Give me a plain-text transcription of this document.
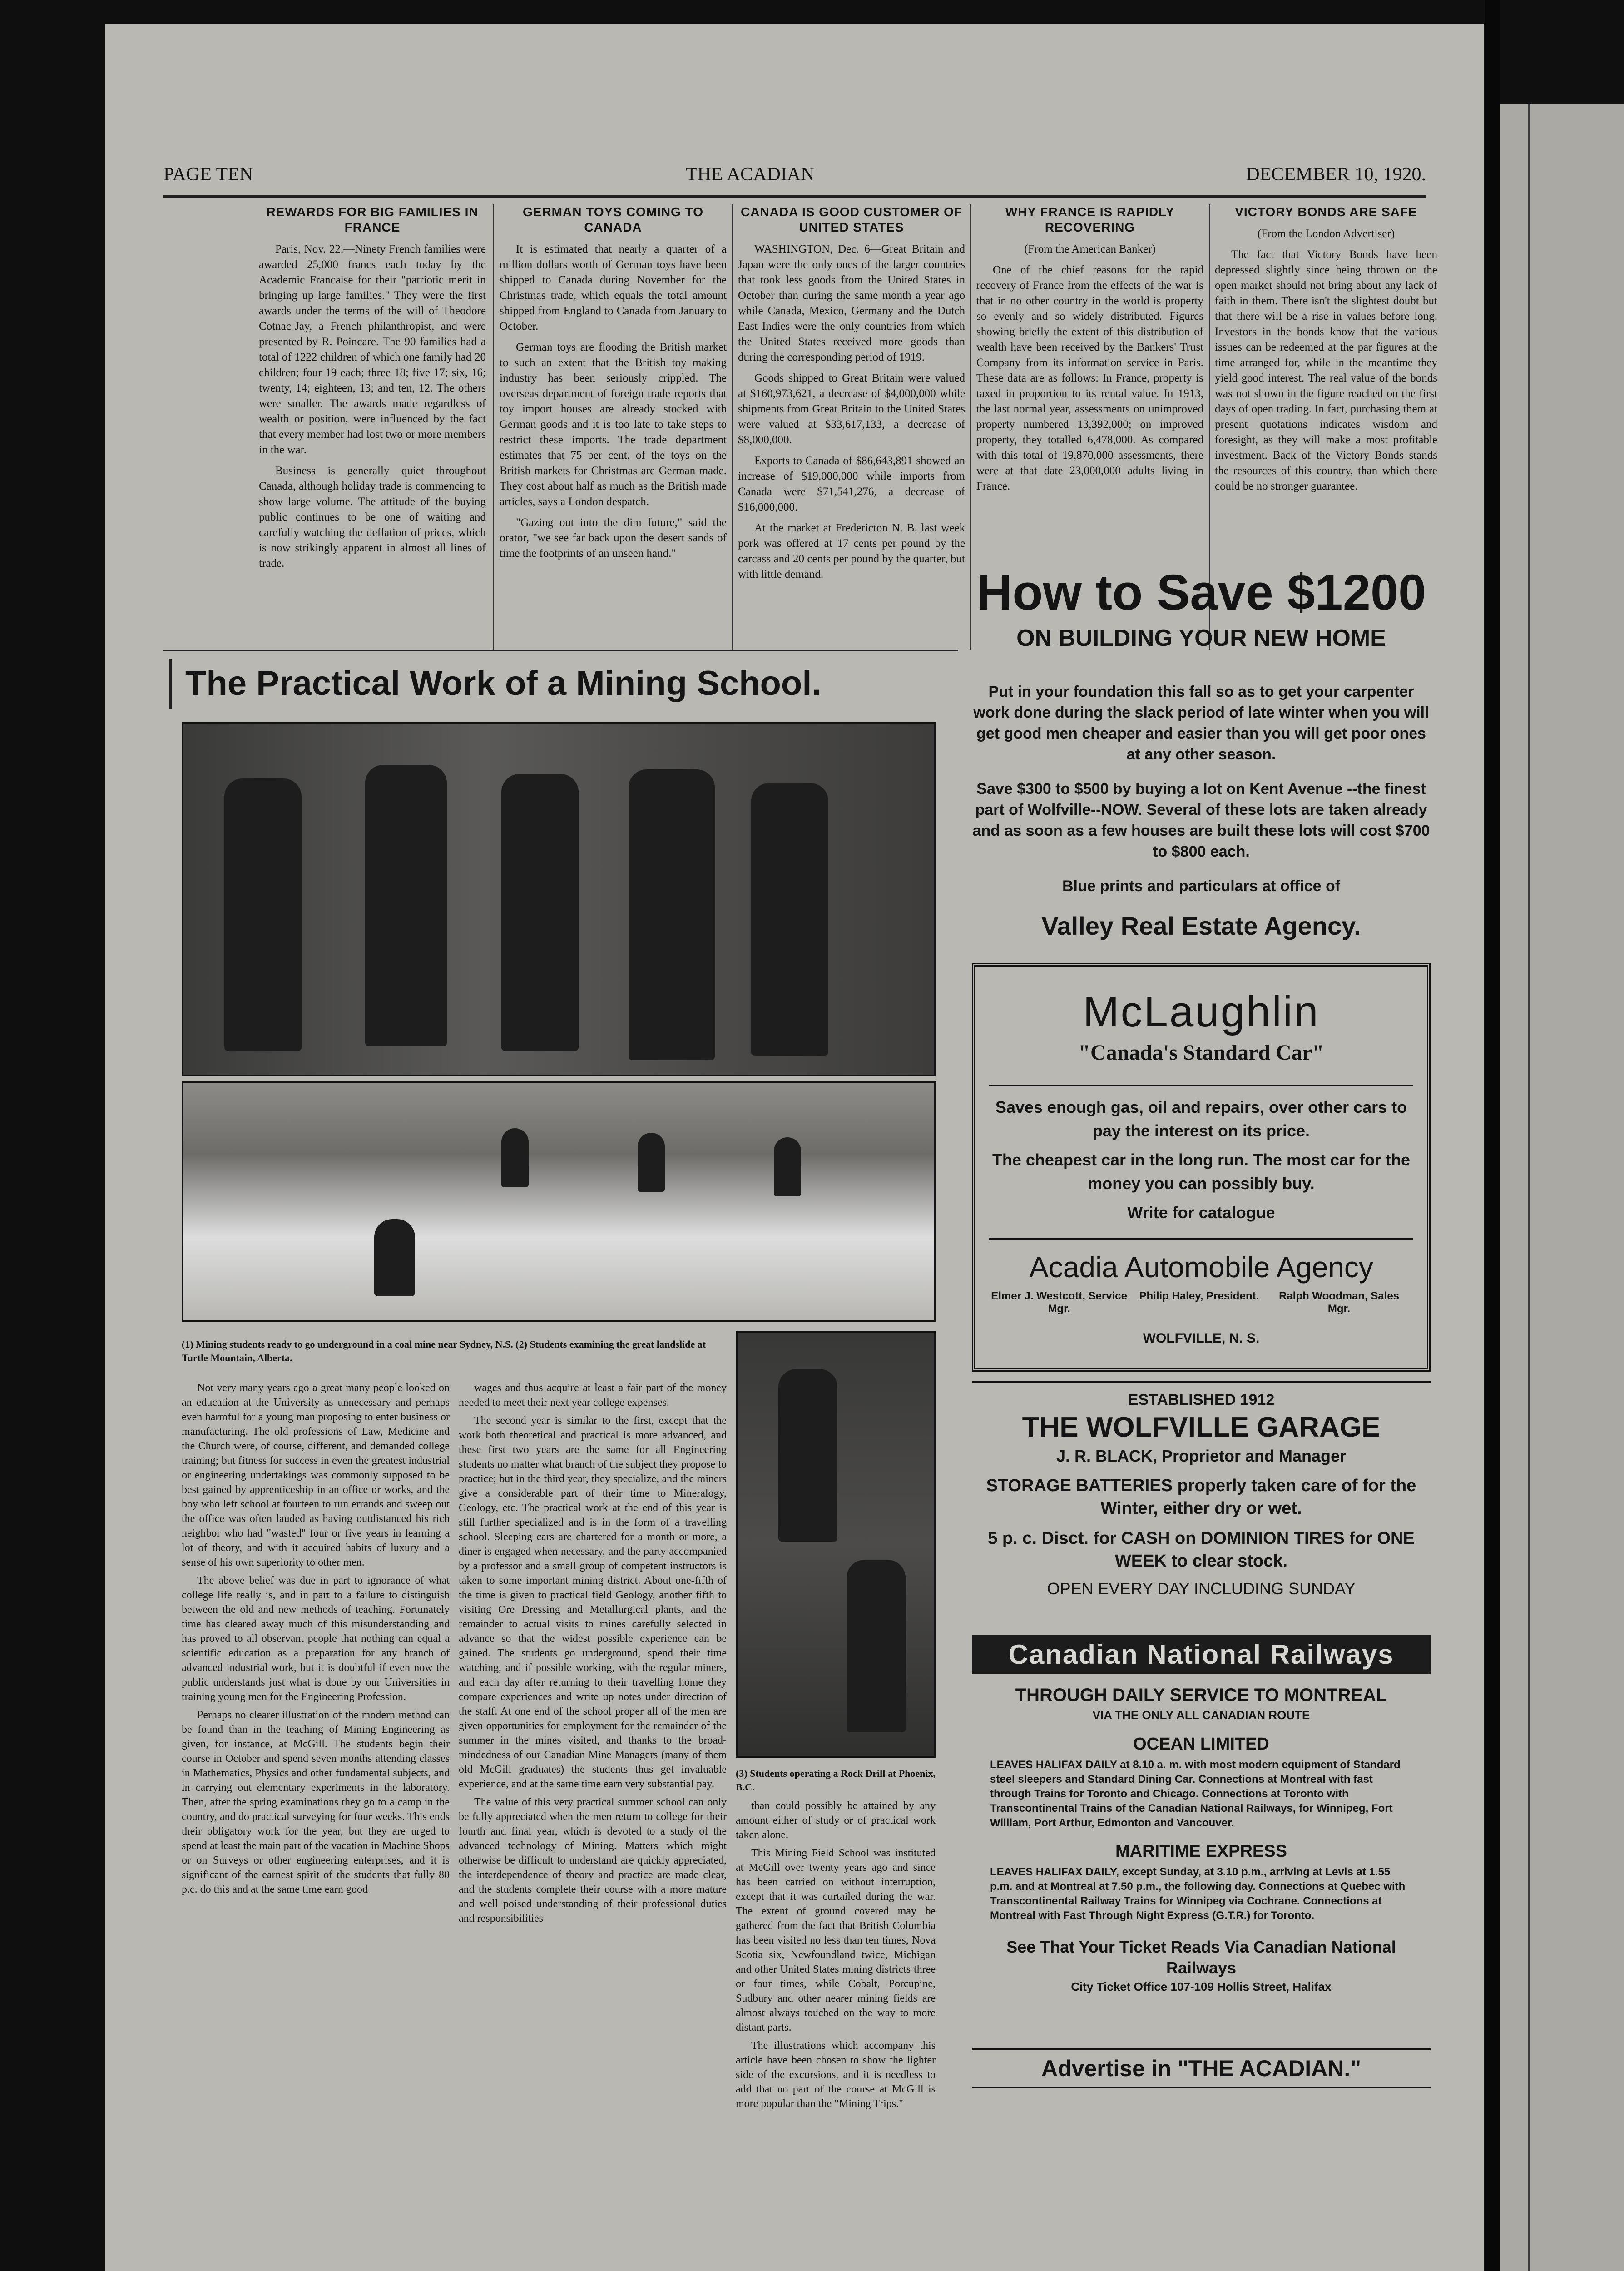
PAGE TEN	THE ACADIAN	DECEMBER 10, 1920.
REWARDS FOR BIG FAMILIES IN FRANCE

Paris, Nov. 22.—Ninety French families were awarded 25,000 francs each today by the Academic Francaise for their "patriotic merit in bringing up large families." They were the first awards under the terms of the will of Theodore Cotnac-Jay, a French philanthropist, and were presented by R. Poincare. The 90 families had a total of 1222 children of which one family had 20 children; four 19 each; three 18; five 17; six, 16; twenty, 14; eighteen, 13; and ten, 12. The others were smaller. The awards made regardless of wealth or position, were influenced by the fact that every member had lost two or more members in the war.

Business is generally quiet throughout Canada, although holiday trade is commencing to show large volume. The attitude of the buying public continues to be one of waiting and carefully watching the deflation of prices, which is now strikingly apparent in almost all lines of trade.

GERMAN TOYS COMING TO CANADA

It is estimated that nearly a quarter of a million dollars worth of German toys have been shipped to Canada during November for the Christmas trade, which equals the total amount shipped from England to Canada from January to October.

German toys are flooding the British market to such an extent that the British toy making industry has been seriously crippled. The overseas department of foreign trade reports that toy import houses are already stocked with German goods and it is too late to take steps to restrict these imports. The trade department estimates that 75 per cent. of the toys on the British markets for Christmas are German made. They cost about half as much as the British made articles, says a London despatch.

"Gazing out into the dim future," said the orator, "we see far back upon the desert sands of time the footprints of an unseen hand."

CANADA IS GOOD CUSTOMER OF UNITED STATES

WASHINGTON, Dec. 6—Great Britain and Japan were the only ones of the larger countries that took less goods from the United States in October than during the same month a year ago while Canada, Mexico, Germany and the Dutch East Indies were the only countries from which the United States received more goods than during the corresponding period of 1919.

Goods shipped to Great Britain were valued at $160,973,621, a decrease of $4,000,000 while shipments from Great Britain to the United States were valued at $33,617,133, a decrease of $8,000,000.

Exports to Canada of $86,643,891 showed an increase of $19,000,000 while imports from Canada were $71,541,276, a decrease of $16,000,000.

At the market at Fredericton N. B. last week pork was offered at 17 cents per pound by the carcass and 20 cents per pound by the quarter, but with little demand.

WHY FRANCE IS RAPIDLY RECOVERING

(From the American Banker)

One of the chief reasons for the rapid recovery of France from the effects of the war is that in no other country in the world is property so evenly and so widely distributed. Figures showing briefly the extent of this distribution of wealth have been received by the Bankers' Trust Company from its information service in Paris. These data are as follows: In France, property is taxed in proportion to its rental value. In 1913, the last normal year, assessments on unimproved property numbered 13,392,000; on improved property, they totalled 6,478,000. As compared with this total of 19,870,000 assessments, there were at that date 23,000,000 adults living in France.

VICTORY BONDS ARE SAFE

(From the London Advertiser)

The fact that Victory Bonds have been depressed slightly since being thrown on the open market should not bring about any lack of faith in them. There isn't the slightest doubt but that there will be a rise in values before long. Investors in the bonds know that the various issues can be redeemed at the par figures at the time arranged for, while in the meantime they yield good interest. The real value of the bonds was not shown in the figure reached on the first days of open trading. In fact, purchasing them at present quotations indicates wisdom and foresight, as they will make a most profitable investment. Back of the Victory Bonds stands the resources of this country, than which there could be no stronger guarantee.

The Practical Work of a Mining School.
(1) Mining students ready to go underground in a coal mine near Sydney, N.S. (2) Students examining the great landslide at Turtle Mountain, Alberta.
(3) Students operating a Rock Drill at Phoenix, B.C.

Not very many years ago a great many people looked on an education at the University as unnecessary and perhaps even harmful for a young man proposing to enter business or manufacturing. The old professions of Law, Medicine and the Church were, of course, different, and demanded college training; but fitness for success in even the greatest industrial or engineering undertakings was commonly supposed to be best gained by apprenticeship in an office or works, and the boy who left school at fourteen to run errands and sweep out the office was often lauded as having outdistanced his rich neighbor who had "wasted" four or five years in learning a lot of theory, and with it acquired habits of luxury and a sense of his own superiority to other men.

The above belief was due in part to ignorance of what college life really is, and in part to a failure to distinguish between the old and new methods of teaching. Fortunately time has cleared away much of this misunderstanding and has proved to all observant people that nothing can equal a scientific education as a preparation for any branch of advanced industrial work, but it is doubtful if even now the public understands just what is done by our Universities in training young men for the Engineering Profession.

Perhaps no clearer illustration of the modern method can be found than in the teaching of Mining Engineering as given, for instance, at McGill. The students begin their course in October and spend seven months attending classes in Mathematics, Physics and other fundamental subjects, and in carrying out elementary experiments in the laboratory. Then, after the spring examinations they go to a camp in the country, and do practical surveying for four weeks. This ends their obligatory work for the year, but they are urged to spend at least the main part of the vacation in Machine Shops or on Surveys or other engineering enterprises, and it is significant of the earnest spirit of the students that fully 80 p.c. do this and at the same time earn good

wages and thus acquire at least a fair part of the money needed to meet their next year college expenses.

The second year is similar to the first, except that the work both theoretical and practical is more advanced, and these first two years are the same for all Engineering students no matter what branch of the subject they propose to practice; but in the third year, they specialize, and the miners give a considerable part of their time to Mineralogy, Geology, etc. The practical work at the end of this year is still further specialized and is in the form of a travelling school. Sleeping cars are chartered for a month or more, a diner is engaged when necessary, and the party accompanied by a professor and a small group of competent instructors is taken to some important mining district. About one-fifth of the time is given to practical field Geology, another fifth to visiting Ore Dressing and Metallurgical plants, and the remainder to actual visits to mines carefully selected in advance so that the widest possible experience can be gained. The students go underground, spend their time watching, and if possible working, with the regular miners, and each day after returning to their travelling home they compare experiences and write up notes under direction of the staff. At one end of the school proper all of the men are given opportunities for employment for the remainder of the summer in the mines visited, and thanks to the broad-mindedness of our Canadian Mine Managers (many of them old McGill graduates) the students thus get invaluable experience, and at the same time earn very substantial pay.

The value of this very practical summer school can only be fully appreciated when the men return to college for their fourth and final year, which is devoted to a study of the advanced technology of Mining. Matters which might otherwise be difficult to understand are quickly appreciated, the interdependence of theory and practice are made clear, and the students complete their course with a more mature and well poised understanding of their professional duties and responsibilities

than could possibly be attained by any amount either of study or of practical work taken alone.

This Mining Field School was instituted at McGill over twenty years ago and since has been carried on without interruption, except that it was curtailed during the war. The extent of ground covered may be gathered from the fact that British Columbia has been visited no less than ten times, Nova Scotia six, Newfoundland twice, Michigan and other United States mining districts three or four times, while Cobalt, Porcupine, Sudbury and other nearer mining fields are almost always touched on the way to more distant parts.

The illustrations which accompany this article have been chosen to show the lighter side of the excursions, and it is needless to add that no part of the course at McGill is more popular than the "Mining Trips."

How to Save $1200
ON BUILDING YOUR NEW HOME

Put in your foundation this fall so as to get your carpenter work done during the slack period of late winter when you will get good men cheaper and easier than you will get poor ones at any other season.

Save $300 to $500 by buying a lot on Kent Avenue --the finest part of Wolfville--NOW. Several of these lots are taken already and as soon as a few houses are built these lots will cost $700 to $800 each.

Blue prints and particulars at office of

Valley Real Estate Agency.

McLaughlin
"Canada's Standard Car"
Saves enough gas, oil and repairs, over other cars to pay the interest on its price.
The cheapest car in the long run. The most car for the money you can possibly buy.
Write for catalogue
Acadia Automobile Agency
Elmer J. Westcott, Service Mgr.
Philip Haley, President.	Ralph Woodman, Sales Mgr.
WOLFVILLE, N. S.
ESTABLISHED 1912
THE WOLFVILLE GARAGE
J. R. BLACK, Proprietor and Manager
STORAGE BATTERIES properly taken care of for the Winter, either dry or wet.
5 p. c. Disct. for CASH on DOMINION TIRES for ONE WEEK to clear stock.
OPEN EVERY DAY INCLUDING SUNDAY
Canadian National Railways
THROUGH DAILY SERVICE TO MONTREAL
VIA THE ONLY ALL CANADIAN ROUTE
OCEAN LIMITED
LEAVES HALIFAX DAILY at 8.10 a. m. with most modern equipment of Standard steel sleepers and Standard Dining Car. Connections at Montreal with fast through Trains for Toronto and Chicago. Connections at Toronto with Transcontinental Trains of the Canadian National Railways, for Winnipeg, Fort William, Port Arthur, Edmonton and Vancouver.
MARITIME EXPRESS
LEAVES HALIFAX DAILY, except Sunday, at 3.10 p.m., arriving at Levis at 1.55 p.m. and at Montreal at 7.50 p.m., the following day. Connections at Quebec with Transcontinental Railway Trains for Winnipeg via Cochrane. Connections at Montreal with Fast Through Night Express (G.T.R.) for Toronto.
See That Your Ticket Reads Via Canadian National Railways
City Ticket Office 107-109 Hollis Street, Halifax
Advertise in "THE ACADIAN."
